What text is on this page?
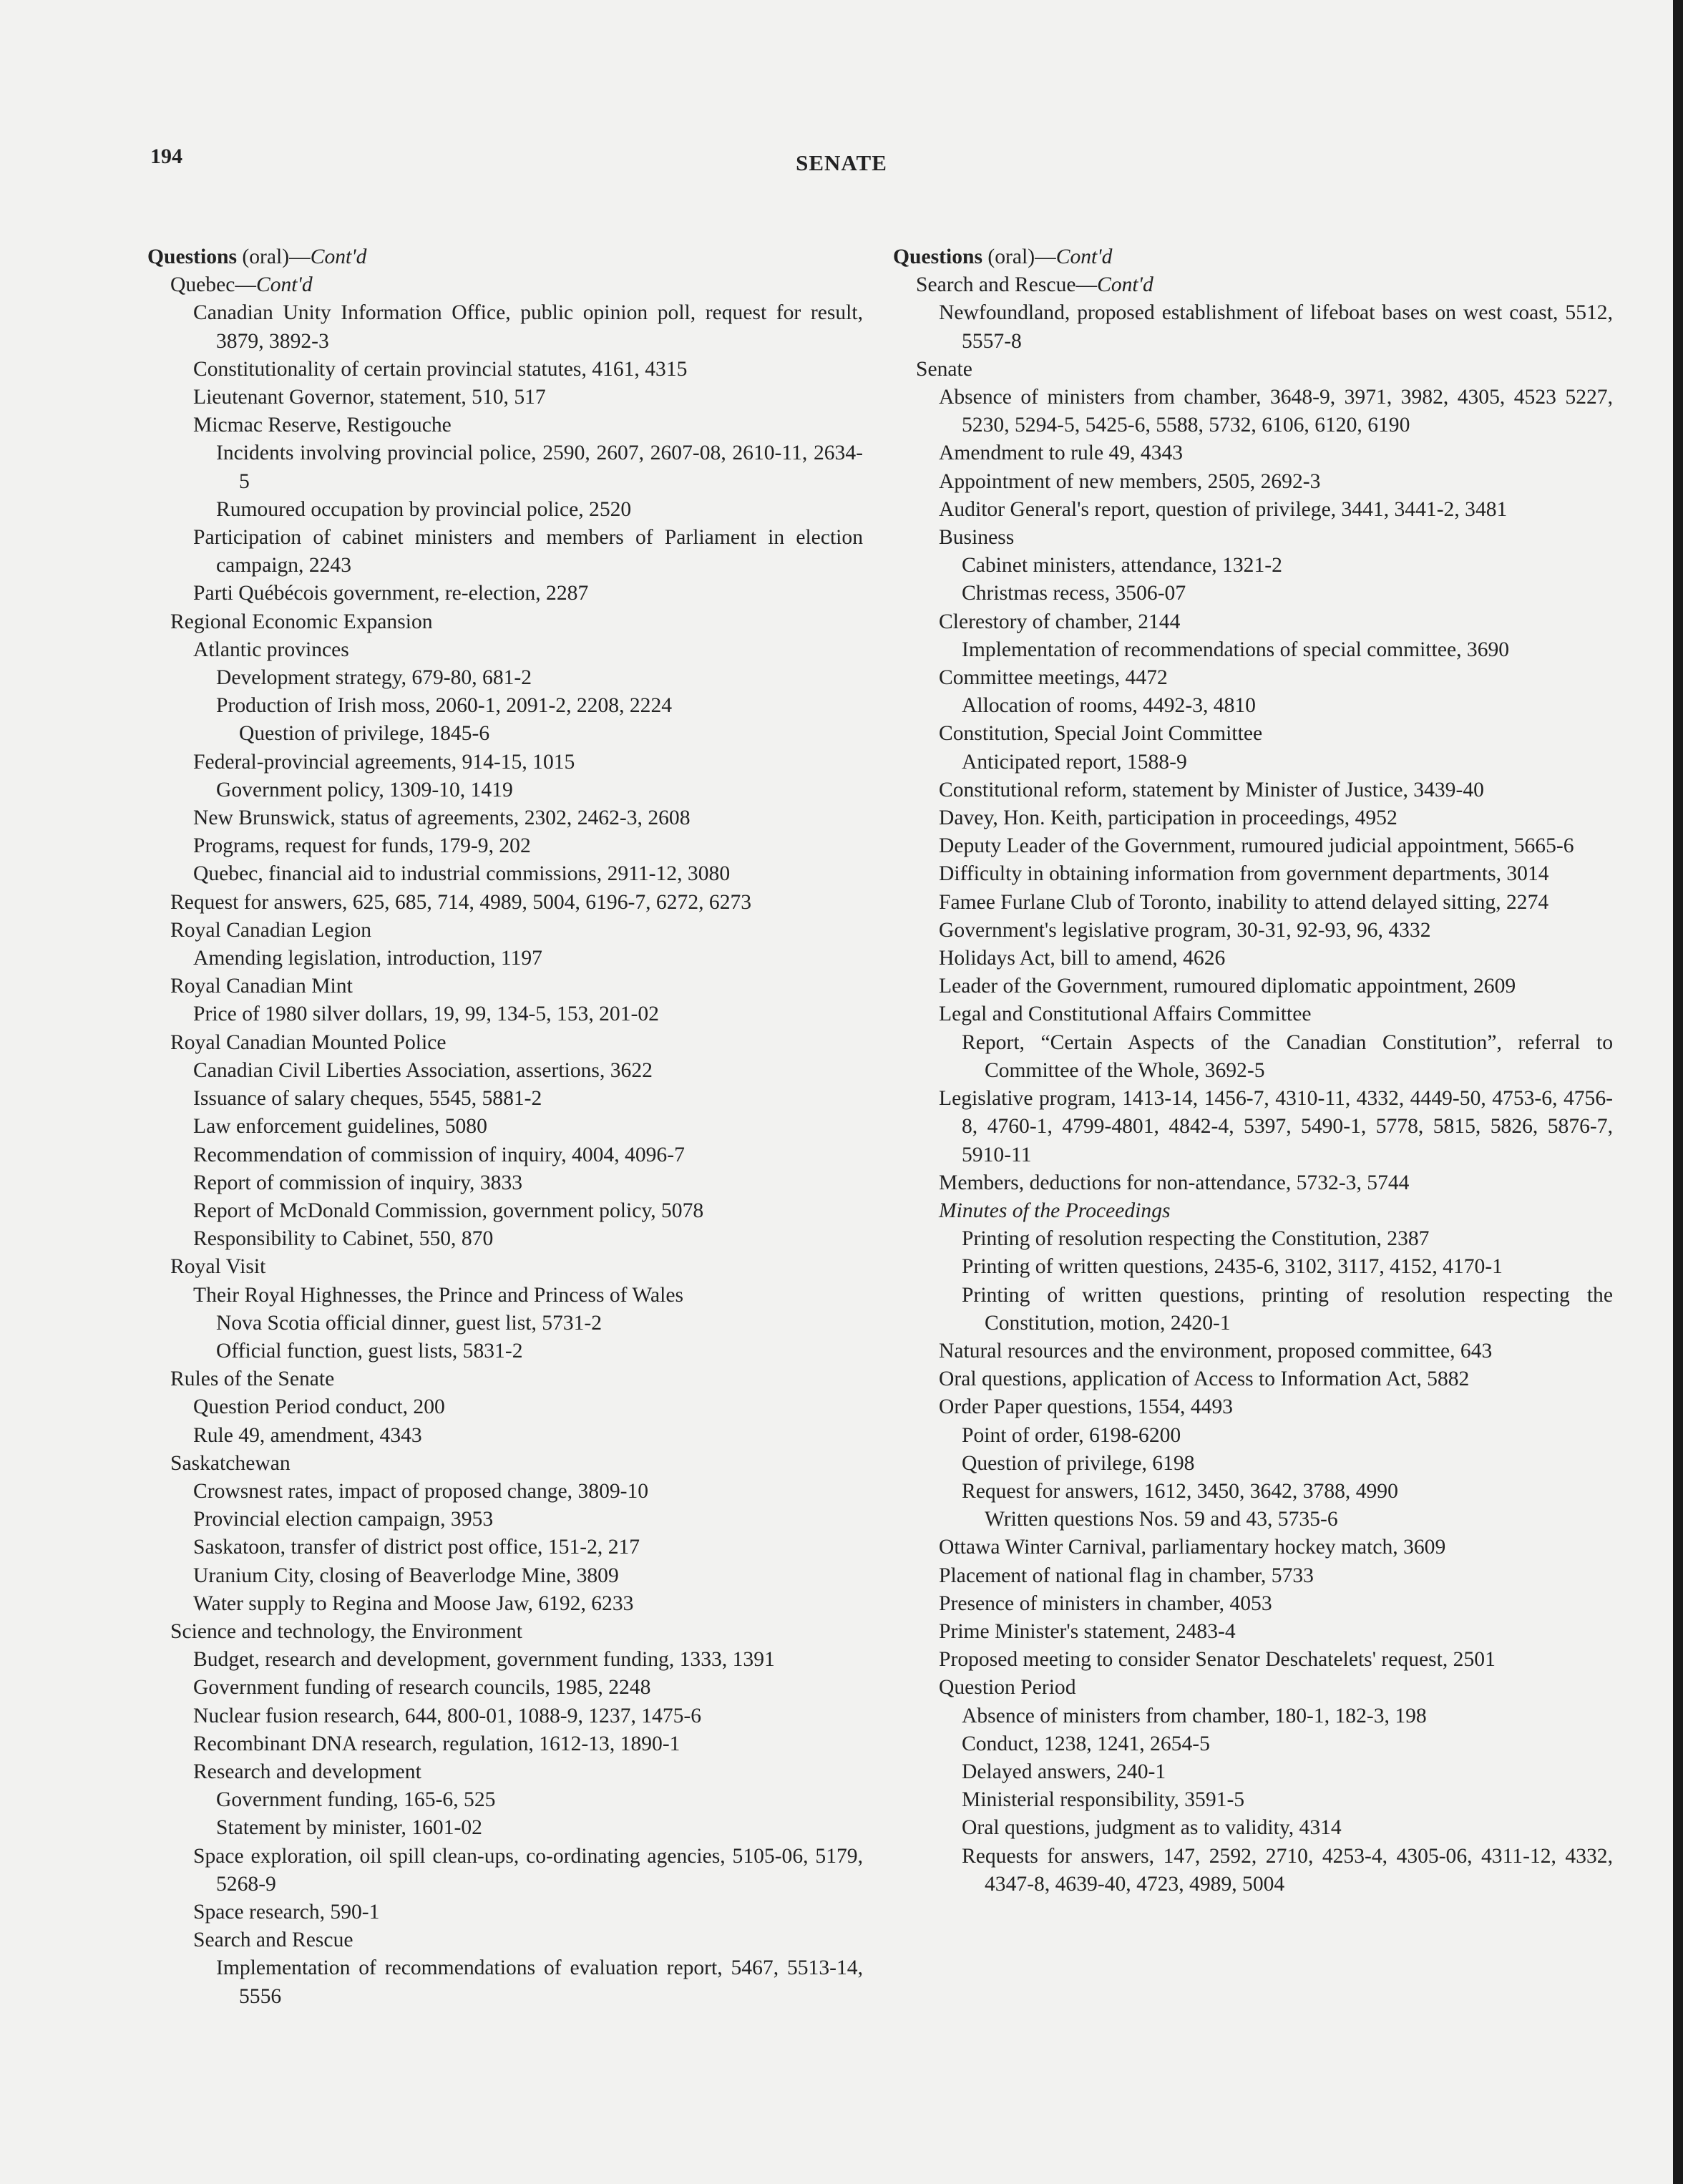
194	SENATE
Questions (oral)—Cont'd
Quebec—Cont'd
Canadian Unity Information Office, public opinion poll, request for result, 3879, 3892-3
Constitutionality of certain provincial statutes, 4161, 4315
Lieutenant Governor, statement, 510, 517
Micmac Reserve, Restigouche
Incidents involving provincial police, 2590, 2607, 2607-08, 2610-11, 2634-5
Rumoured occupation by provincial police, 2520
Participation of cabinet ministers and members of Parliament in election campaign, 2243
Parti Québécois government, re-election, 2287
Regional Economic Expansion
Atlantic provinces
Development strategy, 679-80, 681-2
Production of Irish moss, 2060-1, 2091-2, 2208, 2224
Question of privilege, 1845-6
Federal-provincial agreements, 914-15, 1015
Government policy, 1309-10, 1419
New Brunswick, status of agreements, 2302, 2462-3, 2608
Programs, request for funds, 179-9, 202
Quebec, financial aid to industrial commissions, 2911-12, 3080
Request for answers, 625, 685, 714, 4989, 5004, 6196-7, 6272, 6273
Royal Canadian Legion
Amending legislation, introduction, 1197
Royal Canadian Mint
Price of 1980 silver dollars, 19, 99, 134-5, 153, 201-02
Royal Canadian Mounted Police
Canadian Civil Liberties Association, assertions, 3622
Issuance of salary cheques, 5545, 5881-2
Law enforcement guidelines, 5080
Recommendation of commission of inquiry, 4004, 4096-7
Report of commission of inquiry, 3833
Report of McDonald Commission, government policy, 5078
Responsibility to Cabinet, 550, 870
Royal Visit
Their Royal Highnesses, the Prince and Princess of Wales
Nova Scotia official dinner, guest list, 5731-2
Official function, guest lists, 5831-2
Rules of the Senate
Question Period conduct, 200
Rule 49, amendment, 4343
Saskatchewan
Crowsnest rates, impact of proposed change, 3809-10
Provincial election campaign, 3953
Saskatoon, transfer of district post office, 151-2, 217
Uranium City, closing of Beaverlodge Mine, 3809
Water supply to Regina and Moose Jaw, 6192, 6233
Science and technology, the Environment
Budget, research and development, government funding, 1333, 1391
Government funding of research councils, 1985, 2248
Nuclear fusion research, 644, 800-01, 1088-9, 1237, 1475-6
Recombinant DNA research, regulation, 1612-13, 1890-1
Research and development
Government funding, 165-6, 525
Statement by minister, 1601-02
Space exploration, oil spill clean-ups, co-ordinating agencies, 5105-06, 5179, 5268-9
Space research, 590-1
Search and Rescue
Implementation of recommendations of evaluation report, 5467, 5513-14, 5556
Questions (oral)—Cont'd
Search and Rescue—Cont'd
Newfoundland, proposed establishment of lifeboat bases on west coast, 5512, 5557-8
Senate
Absence of ministers from chamber, 3648-9, 3971, 3982, 4305, 4523 5227, 5230, 5294-5, 5425-6, 5588, 5732, 6106, 6120, 6190
Amendment to rule 49, 4343
Appointment of new members, 2505, 2692-3
Auditor General's report, question of privilege, 3441, 3441-2, 3481
Business
Cabinet ministers, attendance, 1321-2
Christmas recess, 3506-07
Clerestory of chamber, 2144
Implementation of recommendations of special committee, 3690
Committee meetings, 4472
Allocation of rooms, 4492-3, 4810
Constitution, Special Joint Committee
Anticipated report, 1588-9
Constitutional reform, statement by Minister of Justice, 3439-40
Davey, Hon. Keith, participation in proceedings, 4952
Deputy Leader of the Government, rumoured judicial appointment, 5665-6
Difficulty in obtaining information from government departments, 3014
Famee Furlane Club of Toronto, inability to attend delayed sitting, 2274
Government's legislative program, 30-31, 92-93, 96, 4332
Holidays Act, bill to amend, 4626
Leader of the Government, rumoured diplomatic appointment, 2609
Legal and Constitutional Affairs Committee
Report, “Certain Aspects of the Canadian Constitution”, referral to Committee of the Whole, 3692-5
Legislative program, 1413-14, 1456-7, 4310-11, 4332, 4449-50, 4753-6, 4756-8, 4760-1, 4799-4801, 4842-4, 5397, 5490-1, 5778, 5815, 5826, 5876-7, 5910-11
Members, deductions for non-attendance, 5732-3, 5744
Minutes of the Proceedings
Printing of resolution respecting the Constitution, 2387
Printing of written questions, 2435-6, 3102, 3117, 4152, 4170-1
Printing of written questions, printing of resolution respecting the Constitution, motion, 2420-1
Natural resources and the environment, proposed committee, 643
Oral questions, application of Access to Information Act, 5882
Order Paper questions, 1554, 4493
Point of order, 6198-6200
Question of privilege, 6198
Request for answers, 1612, 3450, 3642, 3788, 4990
Written questions Nos. 59 and 43, 5735-6
Ottawa Winter Carnival, parliamentary hockey match, 3609
Placement of national flag in chamber, 5733
Presence of ministers in chamber, 4053
Prime Minister's statement, 2483-4
Proposed meeting to consider Senator Deschatelets' request, 2501
Question Period
Absence of ministers from chamber, 180-1, 182-3, 198
Conduct, 1238, 1241, 2654-5
Delayed answers, 240-1
Ministerial responsibility, 3591-5
Oral questions, judgment as to validity, 4314
Requests for answers, 147, 2592, 2710, 4253-4, 4305-06, 4311-12, 4332, 4347-8, 4639-40, 4723, 4989, 5004
